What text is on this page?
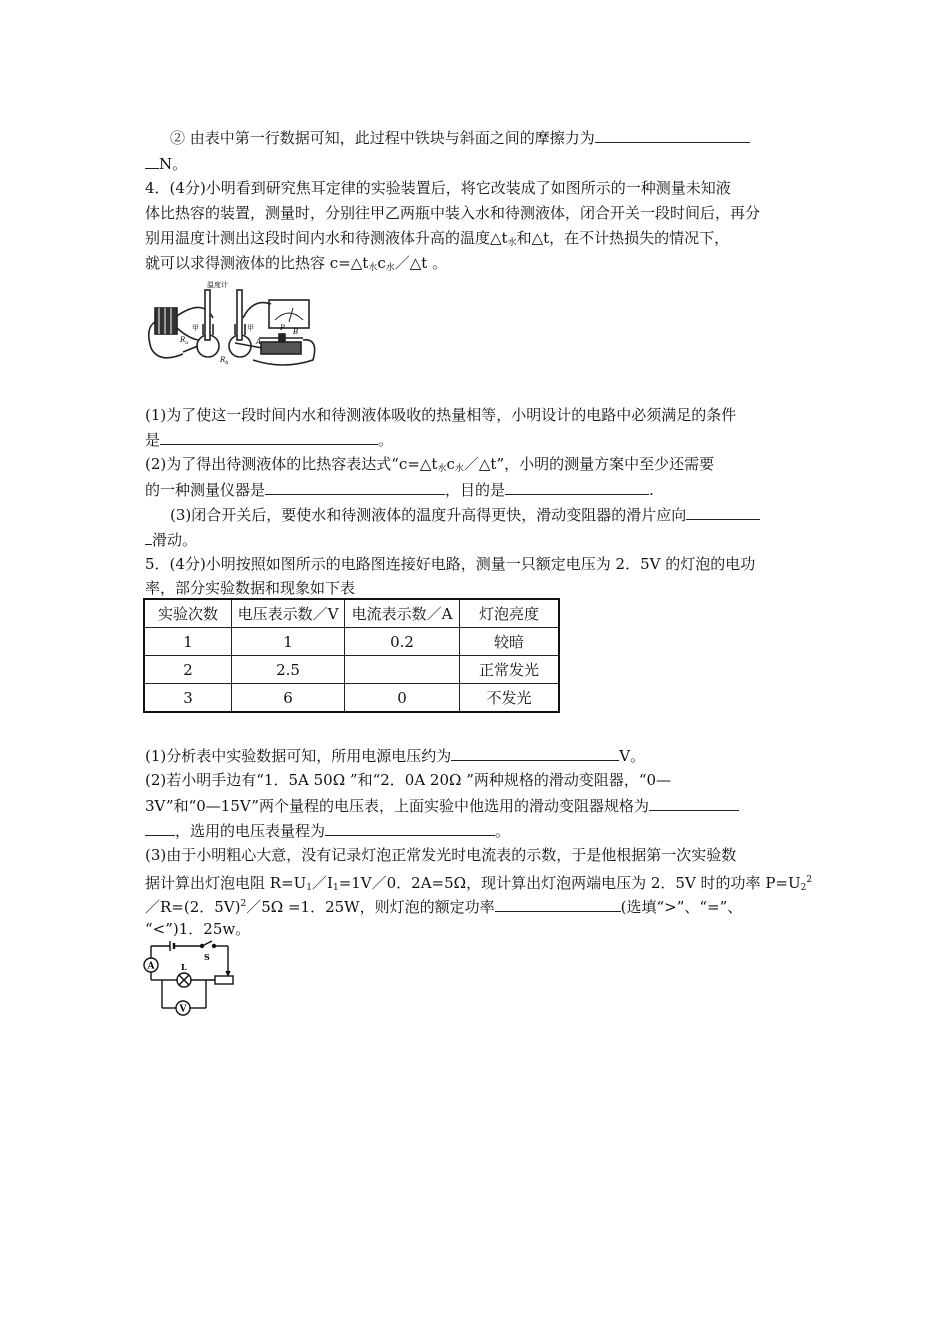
② 由表中第一行数据可知，此过程中铁块与斜面之间的摩擦力为
N。
4．(4分)小明看到研究焦耳定律的实验装置后，将它改装成了如图所示的一种测量未知液
体比热容的装置，测量时，分别往甲乙两瓶中装入水和待测液体，闭合开关一段时间后，再分
别用温度计测出这段时间内水和待测液体升高的温度$\triangle t_水$和△t，在不计热损失的情况下，
就可以求得测液体的比热容 $c=\triangle t_水c_水/\triangle t$ 。
温度计
甲	甲
$R_a$
$R_b$
A
P B
(1)为了使这一段时间内水和待测液体吸收的热量相等，小明设计的电路中必须满足的条件
是	。
(2)为了得出待测液体的比热容表达式“$c=\triangle t_水c_水/\triangle t$”，小明的测量方案中至少还需要
的一种测量仪器是	，目的是	.
(3)闭合开关后，要使水和待测液体的温度升高得更快，滑动变阻器的滑片应向
滑动。
5．(4分)小明按照如图所示的电路图连接好电路，测量一只额定电压为 2．5V 的灯泡的电功
率，部分实验数据和现象如下表
实验次数	电压表示数／V	电流表示数／A	灯泡亮度
1	1	0.2	较暗
2	2.5		正常发光
3	6	0	不发光
(1)分析表中实验数据可知，所用电源电压约为	V。
(2)若小明手边有“1．5A 50Ω ”和“2．0A 20Ω ”两种规格的滑动变阻器，“0—
3V”和“0—15V”两个量程的电压表，上面实验中他选用的滑动变阻器规格为
，选用的电压表量程为	。
(3)由于小明粗心大意，没有记录灯泡正常发光时电流表的示数，于是他根据第一次实验数
据计算出灯泡电阻 $R=U_1/I_1=1V/0$．2A=5Ω，现计算出灯泡两端电压为 2．5V 时的功率 $P=U_2^2$
／R=(2．5V)$^2$／5Ω =1．25W，则灯泡的额定功率	(选填“>”、“=”、
“<”)1．25w。
A
S
L
V
